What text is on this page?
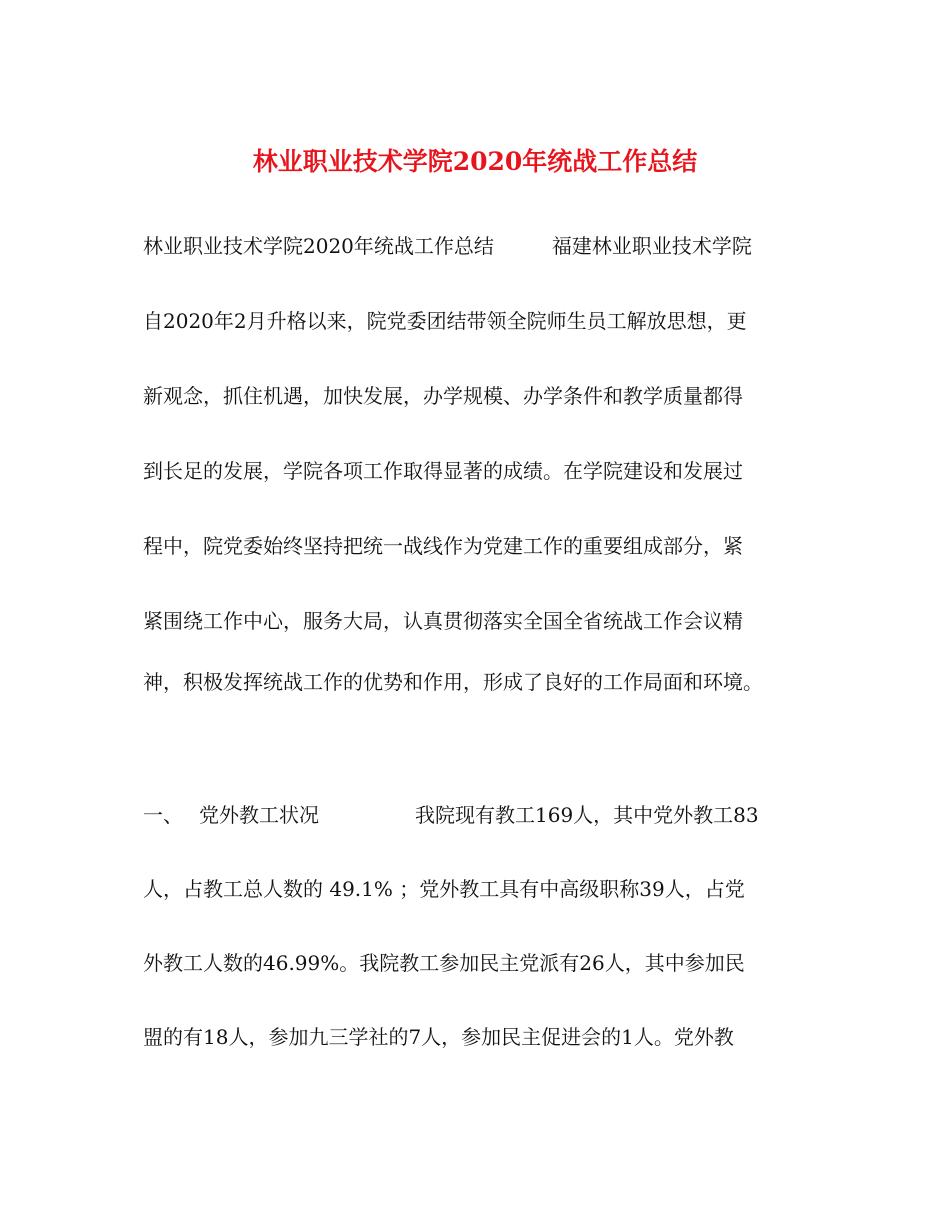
林业职业技术学院2020年统战工作总结
林业职业技术学院2020年统战工作总结	福建林业职业技术学院
自2020年2月升格以来，院党委团结带领全院师生员工解放思想，更
新观念，抓住机遇，加快发展，办学规模、办学条件和教学质量都得
到长足的发展，学院各项工作取得显著的成绩。在学院建设和发展过
程中，院党委始终坚持把统一战线作为党建工作的重要组成部分，紧
紧围绕工作中心，服务大局，认真贯彻落实全国全省统战工作会议精
神，积极发挥统战工作的优势和作用，形成了良好的工作局面和环境。
一、 党外教工状况	我院现有教工169人，其中党外教工83
人，占教工总人数的 49.1% ；党外教工具有中高级职称39人，占党
外教工人数的46.99%。我院教工参加民主党派有26人，其中参加民
盟的有18人，参加九三学社的7人，参加民主促进会的1人。党外教
